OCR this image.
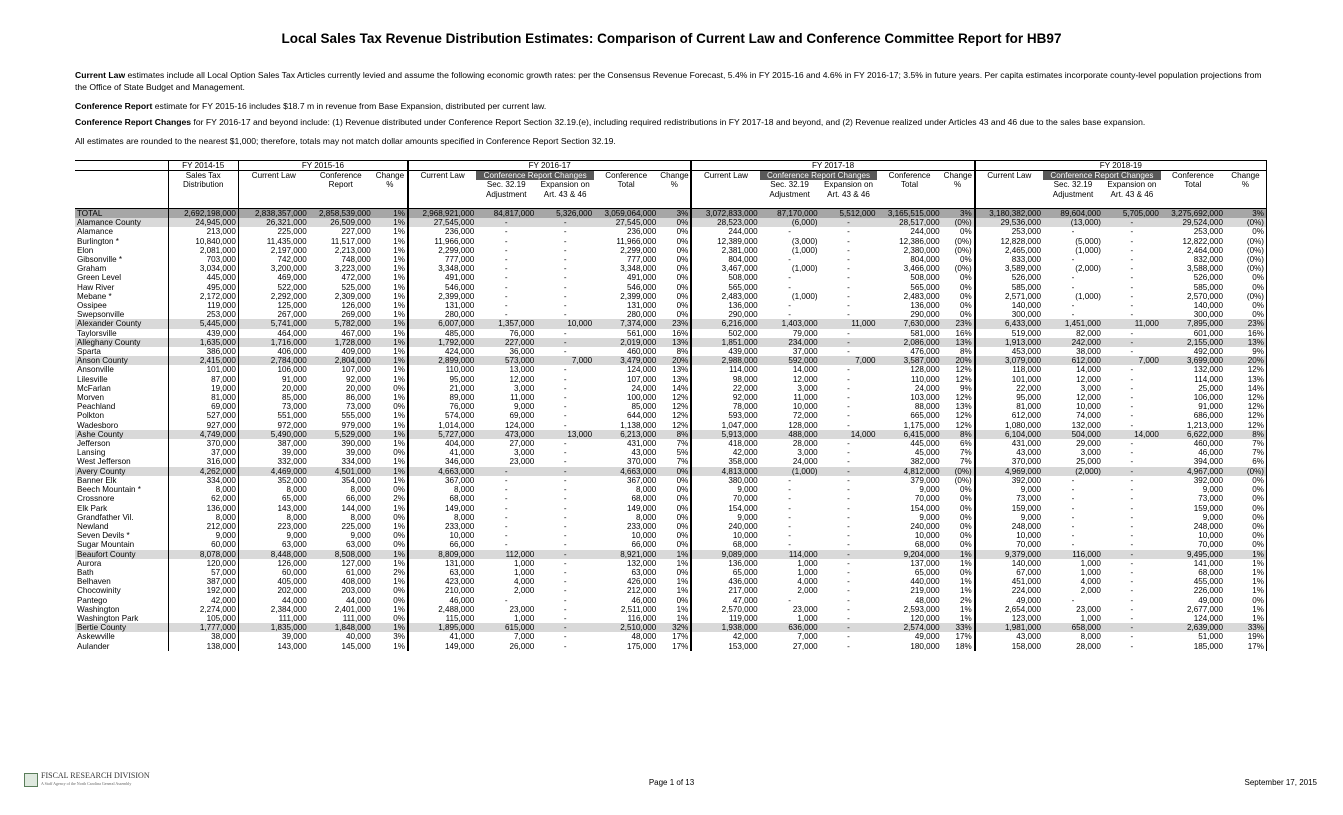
Local Sales Tax Revenue Distribution Estimates: Comparison of Current Law and Conference Committee Report for HB97
Current Law estimates include all Local Option Sales Tax Articles currently levied and assume the following economic growth rates: per the Consensus Revenue Forecast, 5.4% in FY 2015-16 and 4.6% in FY 2016-17; 3.5% in future years. Per capita estimates incorporate county-level population projections from the Office of State Budget and Management.
Conference Report estimate for FY 2015-16 includes $18.7 m in revenue from Base Expansion, distributed per current law.
Conference Report Changes for FY 2016-17 and beyond include: (1) Revenue distributed under Conference Report Section 32.19.(e), including required redistributions in FY 2017-18 and beyond, and (2) Revenue realized under Articles 43 and 46 due to the sales base expansion.
All estimates are rounded to the nearest $1,000; therefore, totals may not match dollar amounts specified in Conference Report Section 32.19.
	FY 2014-15	FY 2015-16			FY 2016-17					FY 2017-18					FY 2018-19				
	Sales Tax	Current Law	Conference	Change	Current Law	Conference Report Changes		Conference	Change	Current Law	Conference Report Changes		Conference	Change	Current Law	Conference Report Changes		Conference	Change
	Distribution		Report	%		Sec. 32.19	Expansion on	Total	%		Sec. 32.19	Expansion on	Total	%		Sec. 32.19	Expansion on	Total	%
						Adjustment	Art. 43 & 46				Adjustment	Art. 43 & 46				Adjustment	Art. 43 & 46		

TOTAL	2,692,198,000	2,838,357,000	2,858,539,000	1%	2,968,921,000	84,817,000	5,326,000	3,059,064,000	3%	3,072,833,000	87,170,000	5,512,000	3,165,515,000	3%	3,180,382,000	89,604,000	5,705,000	3,275,692,000	3%
Alamance County	24,945,000	26,321,000	26,509,000	1%	27,545,000	-	-	27,545,000	0%	28,523,000	(6,000)	-	28,517,000	(0%)	29,536,000	(13,000)	-	29,524,000	(0%)
Alamance	213,000	225,000	227,000	1%	236,000	-	-	236,000	0%	244,000	-	-	244,000	0%	253,000	-	-	253,000	0%
Burlington *	10,840,000	11,435,000	11,517,000	1%	11,966,000	-	-	11,966,000	0%	12,389,000	(3,000)	-	12,386,000	(0%)	12,828,000	(5,000)	-	12,822,000	(0%)
Elon	2,081,000	2,197,000	2,213,000	1%	2,299,000	-	-	2,299,000	0%	2,381,000	(1,000)	-	2,380,000	(0%)	2,465,000	(1,000)	-	2,464,000	(0%)
Gibsonville *	703,000	742,000	748,000	1%	777,000	-	-	777,000	0%	804,000	-	-	804,000	0%	833,000	-	-	832,000	(0%)
Graham	3,034,000	3,200,000	3,223,000	1%	3,348,000	-	-	3,348,000	0%	3,467,000	(1,000)	-	3,466,000	(0%)	3,589,000	(2,000)	-	3,588,000	(0%)
Green Level	445,000	469,000	472,000	1%	491,000	-	-	491,000	0%	508,000	-	-	508,000	0%	526,000	-	-	526,000	0%
Haw River	495,000	522,000	525,000	1%	546,000	-	-	546,000	0%	565,000	-	-	565,000	0%	585,000	-	-	585,000	0%
Mebane *	2,172,000	2,292,000	2,309,000	1%	2,399,000	-	-	2,399,000	0%	2,483,000	(1,000)	-	2,483,000	0%	2,571,000	(1,000)	-	2,570,000	(0%)
Ossipee	119,000	125,000	126,000	1%	131,000	-	-	131,000	0%	136,000	-	-	136,000	0%	140,000	-	-	140,000	0%
Swepsonville	253,000	267,000	269,000	1%	280,000	-	-	280,000	0%	290,000	-	-	290,000	0%	300,000	-	-	300,000	0%
Alexander County	5,445,000	5,741,000	5,782,000	1%	6,007,000	1,357,000	10,000	7,374,000	23%	6,216,000	1,403,000	11,000	7,630,000	23%	6,433,000	1,451,000	11,000	7,895,000	23%
Taylorsville	439,000	464,000	467,000	1%	485,000	76,000	-	561,000	16%	502,000	79,000	-	581,000	16%	519,000	82,000	-	601,000	16%
Alleghany County	1,635,000	1,716,000	1,728,000	1%	1,792,000	227,000	-	2,019,000	13%	1,851,000	234,000	-	2,086,000	13%	1,913,000	242,000	-	2,155,000	13%
Sparta	386,000	406,000	409,000	1%	424,000	36,000	-	460,000	8%	439,000	37,000	-	476,000	8%	453,000	38,000	-	492,000	9%
Anson County	2,415,000	2,784,000	2,804,000	1%	2,899,000	573,000	7,000	3,479,000	20%	2,988,000	592,000	7,000	3,587,000	20%	3,079,000	612,000	7,000	3,699,000	20%
Ansonville	101,000	106,000	107,000	1%	110,000	13,000	-	124,000	13%	114,000	14,000	-	128,000	12%	118,000	14,000	-	132,000	12%
Lilesville	87,000	91,000	92,000	1%	95,000	12,000	-	107,000	13%	98,000	12,000	-	110,000	12%	101,000	12,000	-	114,000	13%
McFarlan	19,000	20,000	20,000	0%	21,000	3,000	-	24,000	14%	22,000	3,000	-	24,000	9%	22,000	3,000	-	25,000	14%
Morven	81,000	85,000	86,000	1%	89,000	11,000	-	100,000	12%	92,000	11,000	-	103,000	12%	95,000	12,000	-	106,000	12%
Peachland	69,000	73,000	73,000	0%	76,000	9,000	-	85,000	12%	78,000	10,000	-	88,000	13%	81,000	10,000	-	91,000	12%
Polkton	527,000	551,000	555,000	1%	574,000	69,000	-	644,000	12%	593,000	72,000	-	665,000	12%	612,000	74,000	-	686,000	12%
Wadesboro	927,000	972,000	979,000	1%	1,014,000	124,000	-	1,138,000	12%	1,047,000	128,000	-	1,175,000	12%	1,080,000	132,000	-	1,213,000	12%
Ashe County	4,749,000	5,490,000	5,529,000	1%	5,727,000	473,000	13,000	6,213,000	8%	5,913,000	488,000	14,000	6,415,000	8%	6,104,000	504,000	14,000	6,622,000	8%
Jefferson	370,000	387,000	390,000	1%	404,000	27,000	-	431,000	7%	418,000	28,000	-	445,000	6%	431,000	29,000	-	460,000	7%
Lansing	37,000	39,000	39,000	0%	41,000	3,000	-	43,000	5%	42,000	3,000	-	45,000	7%	43,000	3,000	-	46,000	7%
West Jefferson	316,000	332,000	334,000	1%	346,000	23,000	-	370,000	7%	358,000	24,000	-	382,000	7%	370,000	25,000	-	394,000	6%
Avery County	4,262,000	4,469,000	4,501,000	1%	4,663,000	-	-	4,663,000	0%	4,813,000	(1,000)	-	4,812,000	(0%)	4,969,000	(2,000)	-	4,967,000	(0%)
Banner Elk	334,000	352,000	354,000	1%	367,000	-	-	367,000	0%	380,000	-	-	379,000	(0%)	392,000	-	-	392,000	0%
Beech Mountain *	8,000	8,000	8,000	0%	8,000	-	-	8,000	0%	9,000	-	-	9,000	0%	9,000	-	-	9,000	0%
Crossnore	62,000	65,000	66,000	2%	68,000	-	-	68,000	0%	70,000	-	-	70,000	0%	73,000	-	-	73,000	0%
Elk Park	136,000	143,000	144,000	1%	149,000	-	-	149,000	0%	154,000	-	-	154,000	0%	159,000	-	-	159,000	0%
Grandfather Vil.	8,000	8,000	8,000	0%	8,000	-	-	8,000	0%	9,000	-	-	9,000	0%	9,000	-	-	9,000	0%
Newland	212,000	223,000	225,000	1%	233,000	-	-	233,000	0%	240,000	-	-	240,000	0%	248,000	-	-	248,000	0%
Seven Devils *	9,000	9,000	9,000	0%	10,000	-	-	10,000	0%	10,000	-	-	10,000	0%	10,000	-	-	10,000	0%
Sugar Mountain	60,000	63,000	63,000	0%	66,000	-	-	66,000	0%	68,000	-	-	68,000	0%	70,000	-	-	70,000	0%
Beaufort County	8,078,000	8,448,000	8,508,000	1%	8,809,000	112,000	-	8,921,000	1%	9,089,000	114,000	-	9,204,000	1%	9,379,000	116,000	-	9,495,000	1%
Aurora	120,000	126,000	127,000	1%	131,000	1,000	-	132,000	1%	136,000	1,000	-	137,000	1%	140,000	1,000	-	141,000	1%
Bath	57,000	60,000	61,000	2%	63,000	1,000	-	63,000	0%	65,000	1,000	-	65,000	0%	67,000	1,000	-	68,000	1%
Belhaven	387,000	405,000	408,000	1%	423,000	4,000	-	426,000	1%	436,000	4,000	-	440,000	1%	451,000	4,000	-	455,000	1%
Chocowinity	192,000	202,000	203,000	0%	210,000	2,000	-	212,000	1%	217,000	2,000	-	219,000	1%	224,000	2,000	-	226,000	1%
Pantego	42,000	44,000	44,000	0%	46,000	-	-	46,000	0%	47,000	-	-	48,000	2%	49,000	-	-	49,000	0%
Washington	2,274,000	2,384,000	2,401,000	1%	2,488,000	23,000	-	2,511,000	1%	2,570,000	23,000	-	2,593,000	1%	2,654,000	23,000	-	2,677,000	1%
Washington Park	105,000	111,000	111,000	0%	115,000	1,000	-	116,000	1%	119,000	1,000	-	120,000	1%	123,000	1,000	-	124,000	1%
Bertie County	1,777,000	1,835,000	1,848,000	1%	1,895,000	615,000	-	2,510,000	32%	1,938,000	636,000	-	2,574,000	33%	1,981,000	658,000	-	2,639,000	33%
Askewville	38,000	39,000	40,000	3%	41,000	7,000	-	48,000	17%	42,000	7,000	-	49,000	17%	43,000	8,000	-	51,000	19%
Aulander	138,000	143,000	145,000	1%	149,000	26,000	-	175,000	17%	153,000	27,000	-	180,000	18%	158,000	28,000	-	185,000	17%
FISCAL RESEARCH DIVISION
A Staff Agency of the North Carolina General Assembly	Page 1 of 13	September 17, 2015
